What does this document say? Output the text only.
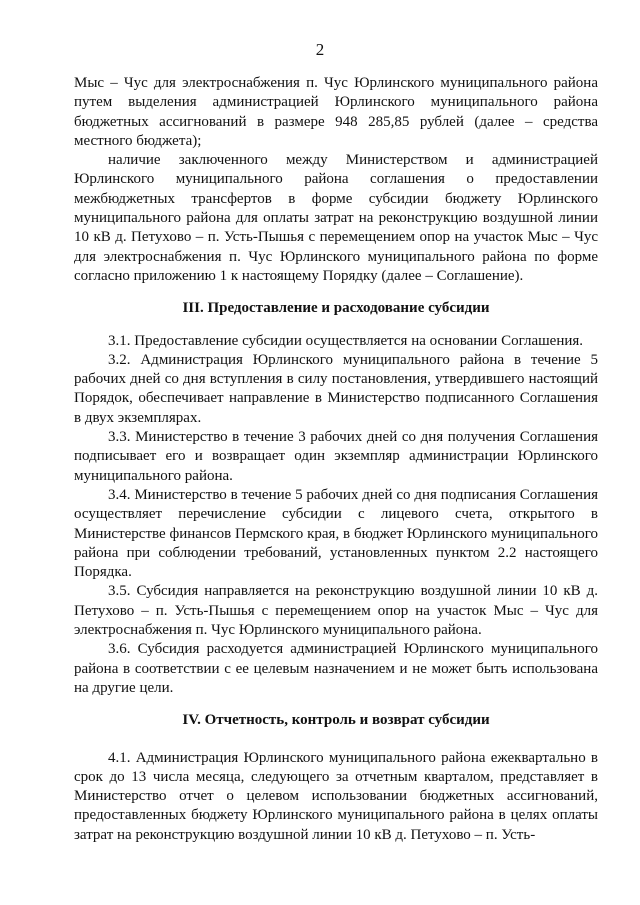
2

Мыс – Чус для электроснабжения п. Чус Юрлинского муниципального района путем выделения администрацией Юрлинского муниципального района бюджетных ассигнований в размере 948 285,85 рублей (далее – средства местного бюджета);

наличие заключенного между Министерством и администрацией Юрлинского муниципального района соглашения о предоставлении межбюджетных трансфертов в форме субсидии бюджету Юрлинского муниципального района для оплаты затрат на реконструкцию воздушной линии 10 кВ д. Петухово – п. Усть-Пышья с перемещением опор на участок Мыс – Чус для электроснабжения п. Чус Юрлинского муниципального района по форме согласно приложению 1 к настоящему Порядку (далее – Соглашение).

III. Предоставление и расходование субсидии

3.1. Предоставление субсидии осуществляется на основании Соглашения.

3.2. Администрация Юрлинского муниципального района в течение 5 рабочих дней со дня вступления в силу постановления, утвердившего настоящий Порядок, обеспечивает направление в Министерство подписанного Соглашения в двух экземплярах.

3.3. Министерство в течение 3 рабочих дней со дня получения Соглашения подписывает его и возвращает один экземпляр администрации Юрлинского муниципального района.

3.4. Министерство в течение 5 рабочих дней со дня подписания Соглашения осуществляет перечисление субсидии с лицевого счета, открытого в Министерстве финансов Пермского края, в бюджет Юрлинского муниципального района при соблюдении требований, установленных пунктом 2.2 настоящего Порядка.

3.5. Субсидия направляется на реконструкцию воздушной линии 10 кВ д. Петухово – п. Усть-Пышья с перемещением опор на участок Мыс – Чус для электроснабжения п. Чус Юрлинского муниципального района.

3.6. Субсидия расходуется администрацией Юрлинского муниципального района в соответствии с ее целевым назначением и не может быть использована на другие цели.

IV. Отчетность, контроль и возврат субсидии

4.1. Администрация Юрлинского муниципального района ежеквартально в срок до 13 числа месяца, следующего за отчетным кварталом, представляет в Министерство отчет о целевом использовании бюджетных ассигнований, предоставленных бюджету Юрлинского муниципального района в целях оплаты затрат на реконструкцию воздушной линии 10 кВ д. Петухово – п. Усть-
